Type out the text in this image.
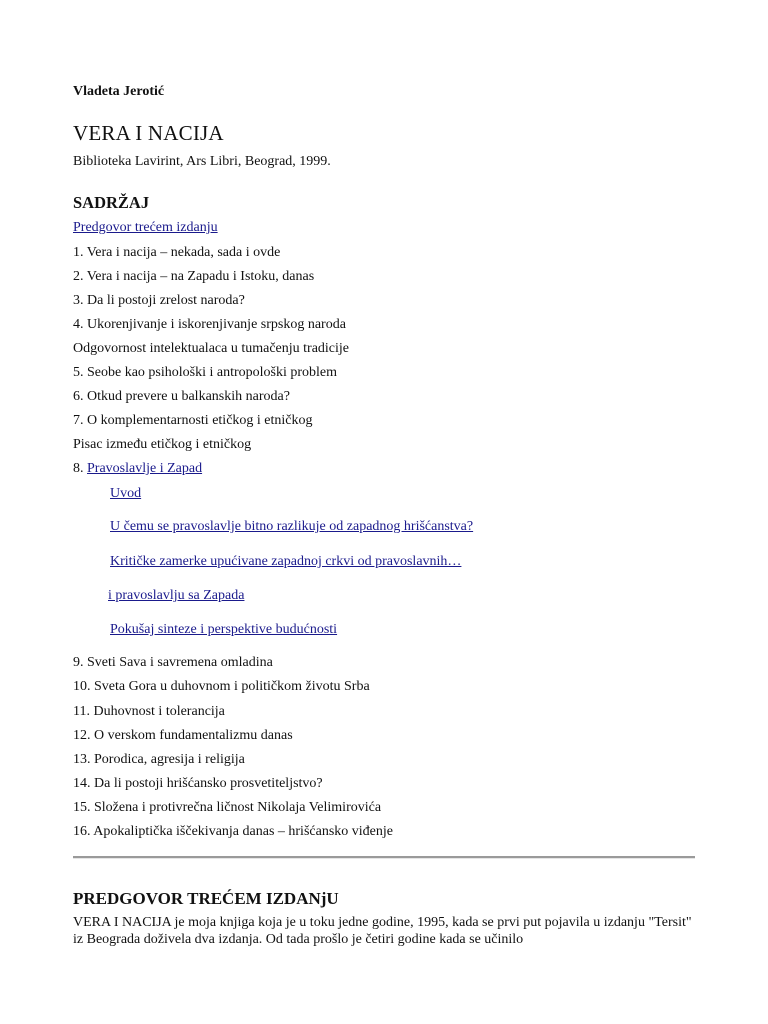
Vladeta Jerotić
VERA I NACIJA
Biblioteka Lavirint, Ars Libri, Beograd, 1999.
SADRŽAJ
Predgovor trećem izdanju
1. Vera i nacija – nekada, sada i ovde
2. Vera i nacija – na Zapadu i Istoku, danas
3. Da li postoji zrelost naroda?
4. Ukorenjivanje i iskorenjivanje srpskog naroda
Odgovornost intelektualaca u tumačenju tradicije
5. Seobe kao psihološki i antropološki problem
6. Otkud prevere u balkanskih naroda?
7. O komplementarnosti etičkog i etničkog
Pisac između etičkog i etničkog
8. Pravoslavlje i Zapad
Uvod
U čemu se pravoslavlje bitno razlikuje od zapadnog hrišćanstva?
Kritičke zamerke upućivane zapadnoj crkvi od pravoslavnih…
i pravoslavlju sa Zapada
Pokušaj sinteze i perspektive budućnosti
9. Sveti Sava i savremena omladina
10. Sveta Gora u duhovnom i političkom životu Srba
11. Duhovnost i tolerancija
12. O verskom fundamentalizmu danas
13. Porodica, agresija i religija
14. Da li postoji hrišćansko prosvetiteljstvo?
15. Složena i protivrečna ličnost Nikolaja Velimirovića
16. Apokaliptička iščekivanja danas – hrišćansko viđenje
PREDGOVOR TREĆEM IZDANjU
VERA I NACIJA je moja knjiga koja je u toku jedne godine, 1995, kada se prvi put pojavila u izdanju "Tersit" iz Beograda doživela dva izdanja. Od tada prošlo je četiri godine kada se učinilo
